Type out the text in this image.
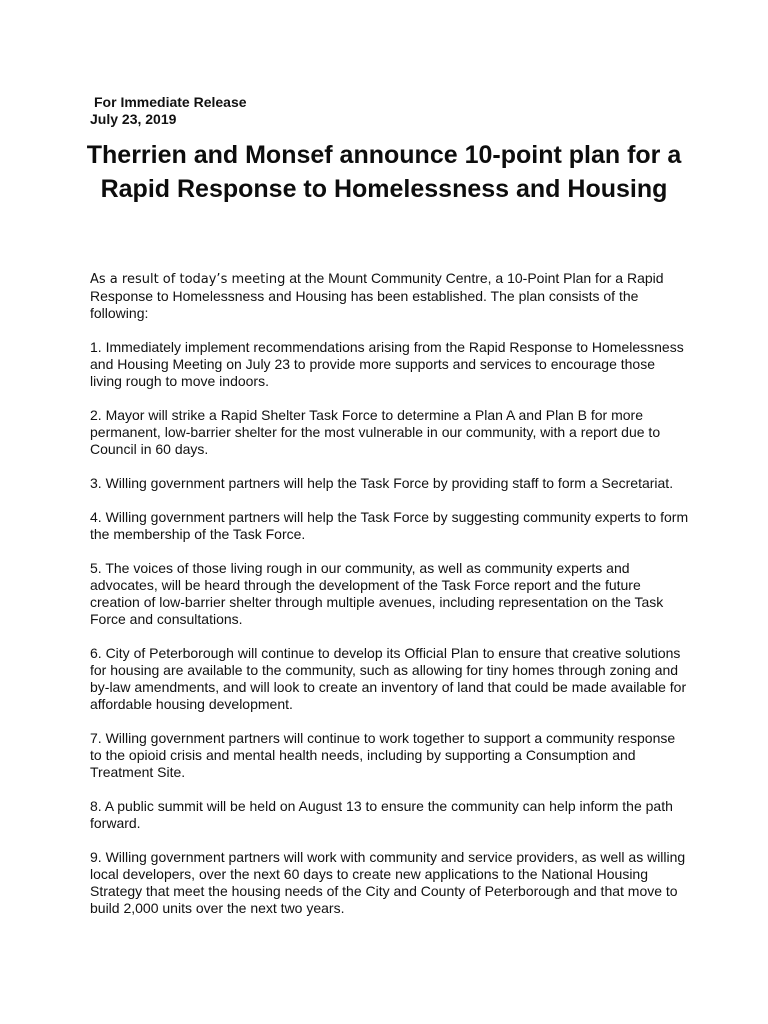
For Immediate Release

July 23, 2019

Therrien and Monsef announce 10-point plan for a Rapid Response to Homelessness and Housing

As a result of today’s meeting at the Mount Community Centre, a 10-Point Plan for a Rapid Response to Homelessness and Housing has been established. The plan consists of the following:

1. Immediately implement recommendations arising from the Rapid Response to Homelessness and Housing Meeting on July 23 to provide more supports and services to encourage those living rough to move indoors.

2. Mayor will strike a Rapid Shelter Task Force to determine a Plan A and Plan B for more permanent, low-barrier shelter for the most vulnerable in our community, with a report due to Council in 60 days.

3. Willing government partners will help the Task Force by providing staff to form a Secretariat.

4. Willing government partners will help the Task Force by suggesting community experts to form the membership of the Task Force.

5. The voices of those living rough in our community, as well as community experts and advocates, will be heard through the development of the Task Force report and the future creation of low-barrier shelter through multiple avenues, including representation on the Task Force and consultations.

6. City of Peterborough will continue to develop its Official Plan to ensure that creative solutions for housing are available to the community, such as allowing for tiny homes through zoning and by-law amendments, and will look to create an inventory of land that could be made available for affordable housing development.

7. Willing government partners will continue to work together to support a community response to the opioid crisis and mental health needs, including by supporting a Consumption and Treatment Site.

8. A public summit will be held on August 13 to ensure the community can help inform the path forward.

9. Willing government partners will work with community and service providers, as well as willing local developers, over the next 60 days to create new applications to the National Housing Strategy that meet the housing needs of the City and County of Peterborough and that move to build 2,000 units over the next two years.
